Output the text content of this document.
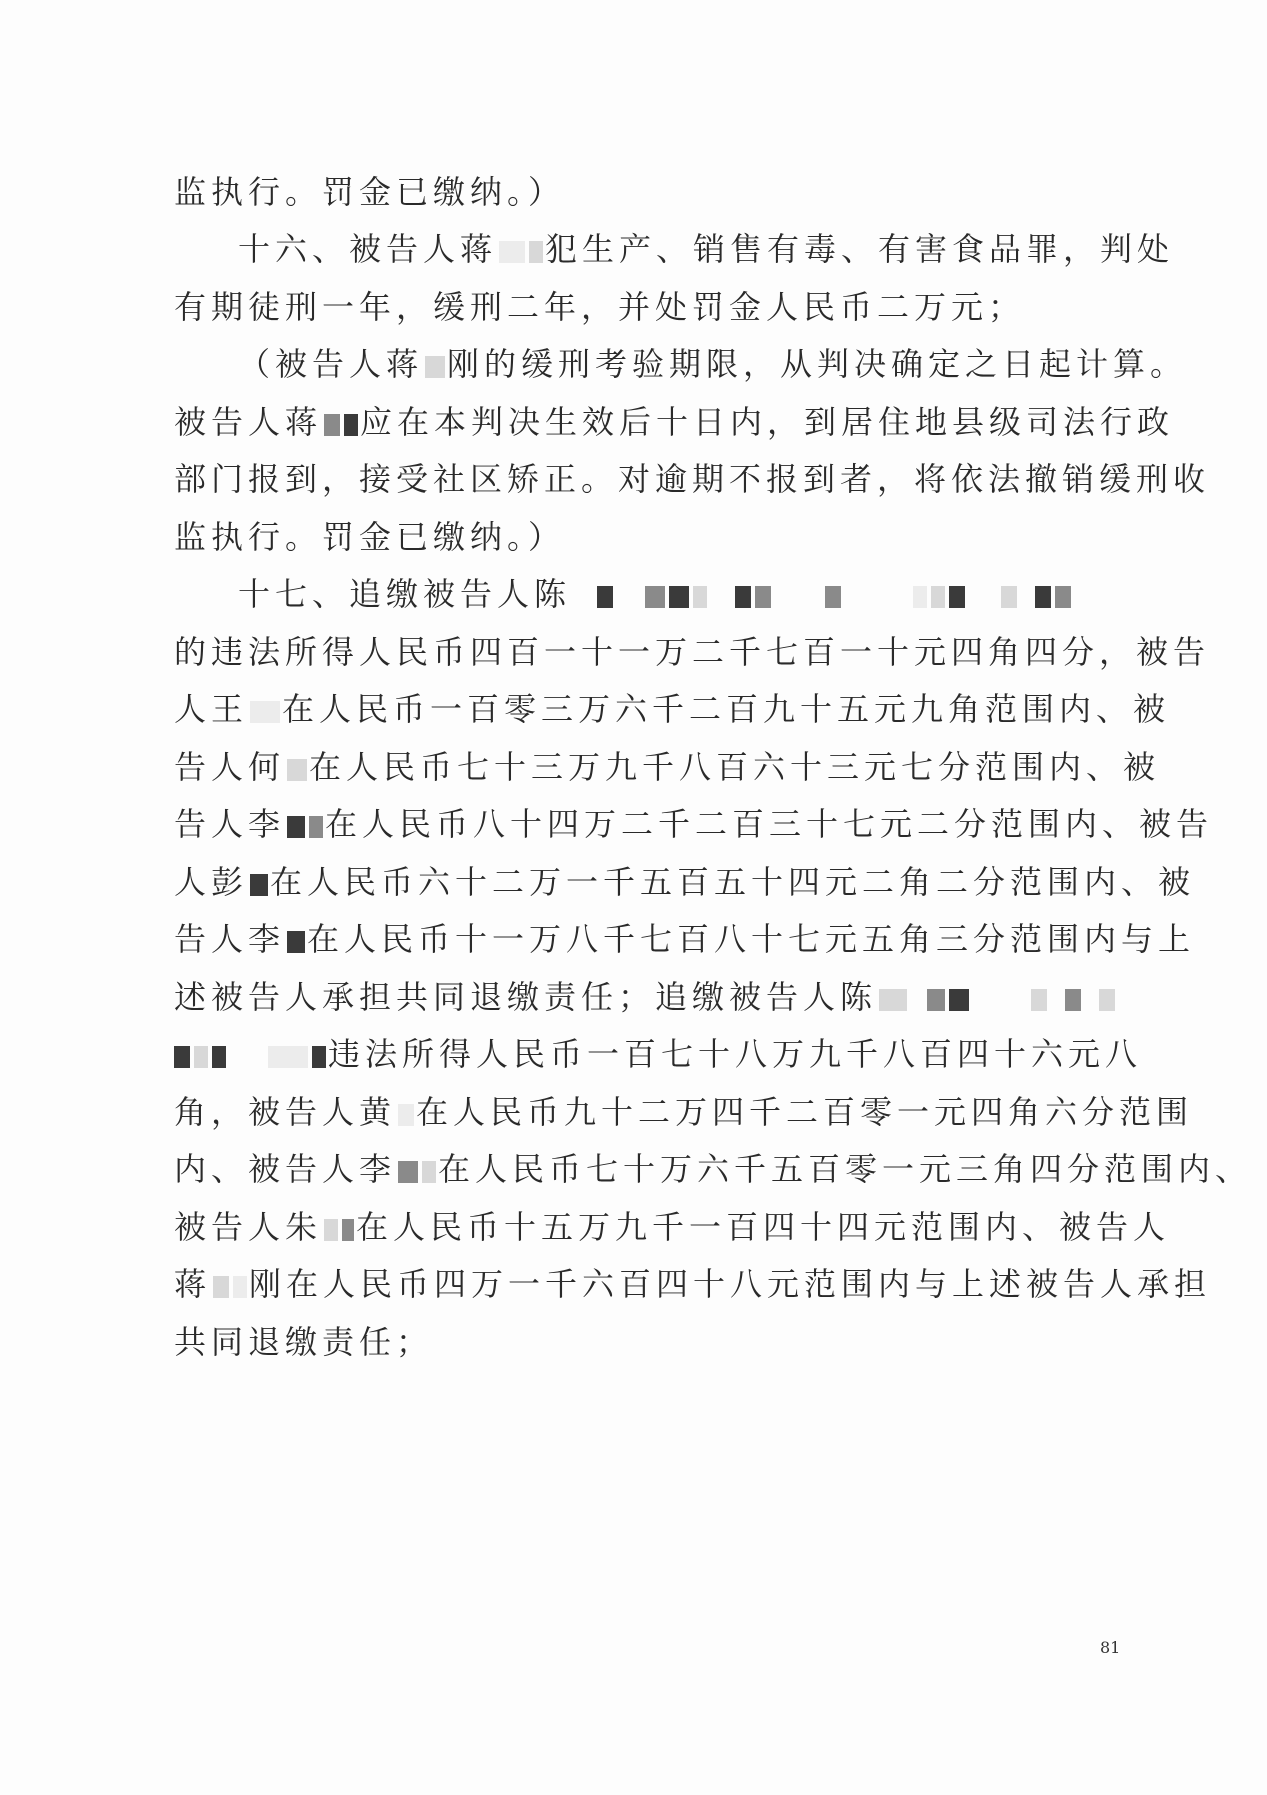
监执行。罚金已缴纳。）
十六、被告人蒋 犯生产、销售有毒、有害食品罪，判处
有期徒刑一年，缓刑二年，并处罚金人民币二万元；
（被告人蒋 刚的缓刑考验期限，从判决确定之日起计算。
被告人蒋 应在本判决生效后十日内，到居住地县级司法行政
部门报到，接受社区矫正。对逾期不报到者，将依法撤销缓刑收
监执行。罚金已缴纳。）
十七、追缴被告人陈
的违法所得人民币四百一十一万二千七百一十元四角四分，被告
人王 在人民币一百零三万六千二百九十五元九角范围内、被
告人何 在人民币七十三万九千八百六十三元七分范围内、被
告人李 在人民币八十四万二千二百三十七元二分范围内、被告
人彭 在人民币六十二万一千五百五十四元二角二分范围内、被
告人李 在人民币十一万八千七百八十七元五角三分范围内与上
述被告人承担共同退缴责任；追缴被告人陈
违法所得人民币一百七十八万九千八百四十六元八
角，被告人黄 在人民币九十二万四千二百零一元四角六分范围
内、被告人李 在人民币七十万六千五百零一元三角四分范围内、
被告人朱 在人民币十五万九千一百四十四元范围内、被告人
蒋 刚在人民币四万一千六百四十八元范围内与上述被告人承担
共同退缴责任；
81
